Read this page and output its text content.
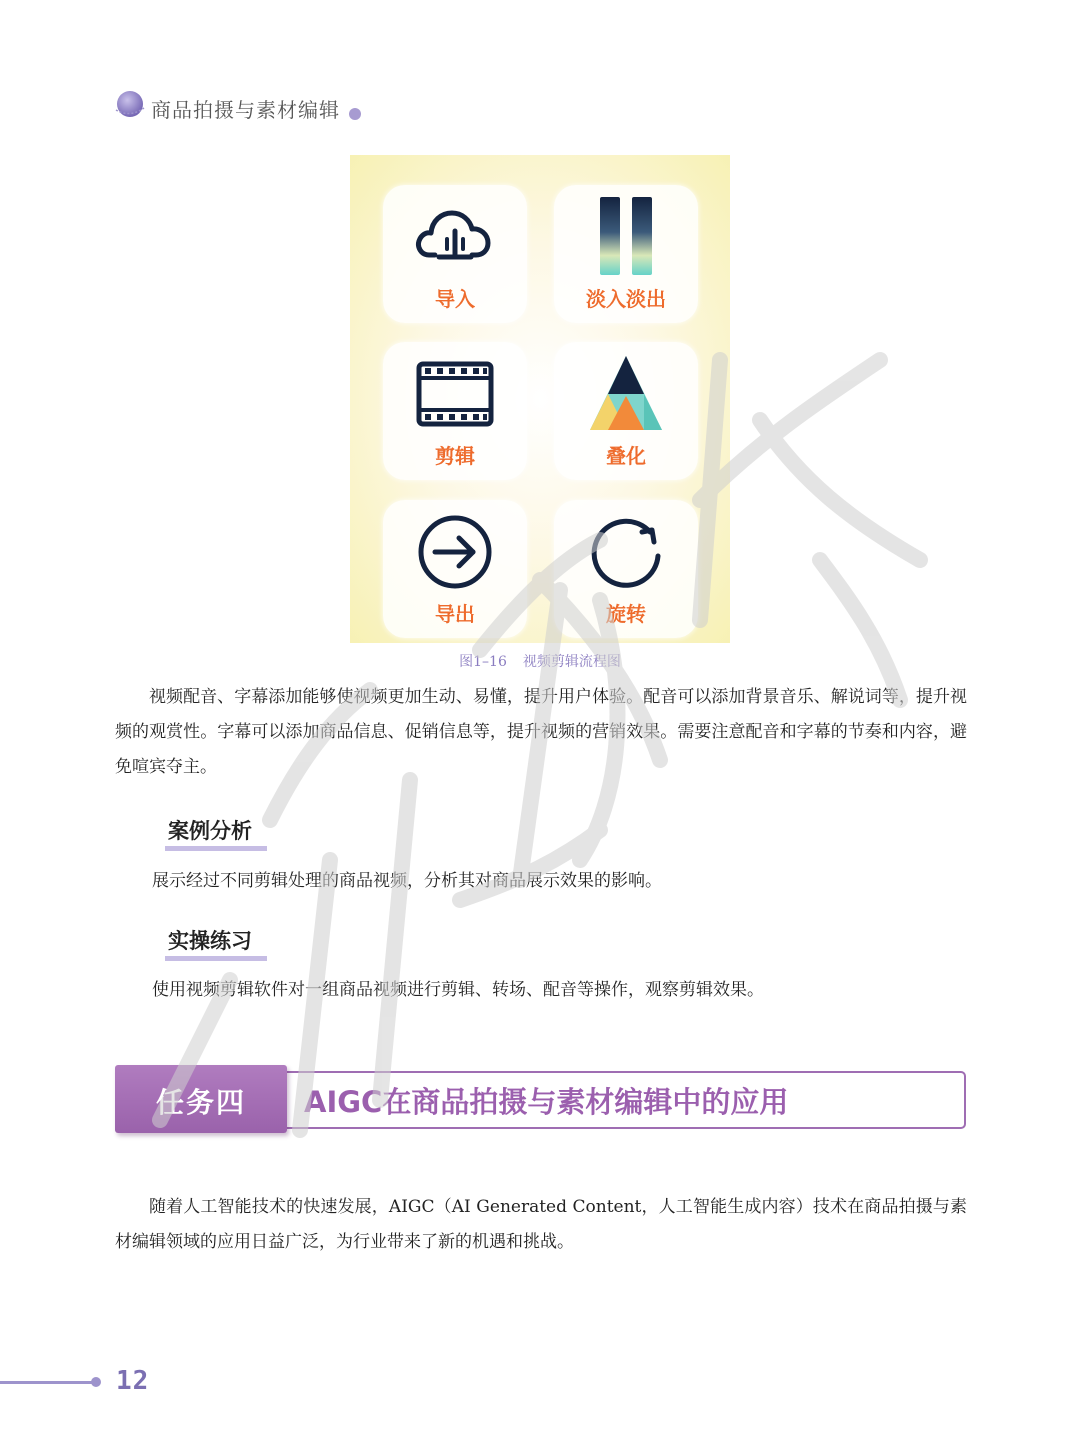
商品拍摄与素材编辑
导入	淡入淡出
剪辑	叠化
导出	旋转
图1–16 视频剪辑流程图
视频配音、字幕添加能够使视频更加生动、易懂，提升用户体验。配音可以添加背景音乐、解说词等，提升视频的观赏性。字幕可以添加商品信息、促销信息等，提升视频的营销效果。需要注意配音和字幕的节奏和内容，避免喧宾夺主。
案例分析
展示经过不同剪辑处理的商品视频，分析其对商品展示效果的影响。
实操练习
使用视频剪辑软件对一组商品视频进行剪辑、转场、配音等操作，观察剪辑效果。
任务四	AIGC在商品拍摄与素材编辑中的应用
随着人工智能技术的快速发展，AIGC（AI Generated Content，人工智能生成内容）技术在商品拍摄与素材编辑领域的应用日益广泛，为行业带来了新的机遇和挑战。
12
